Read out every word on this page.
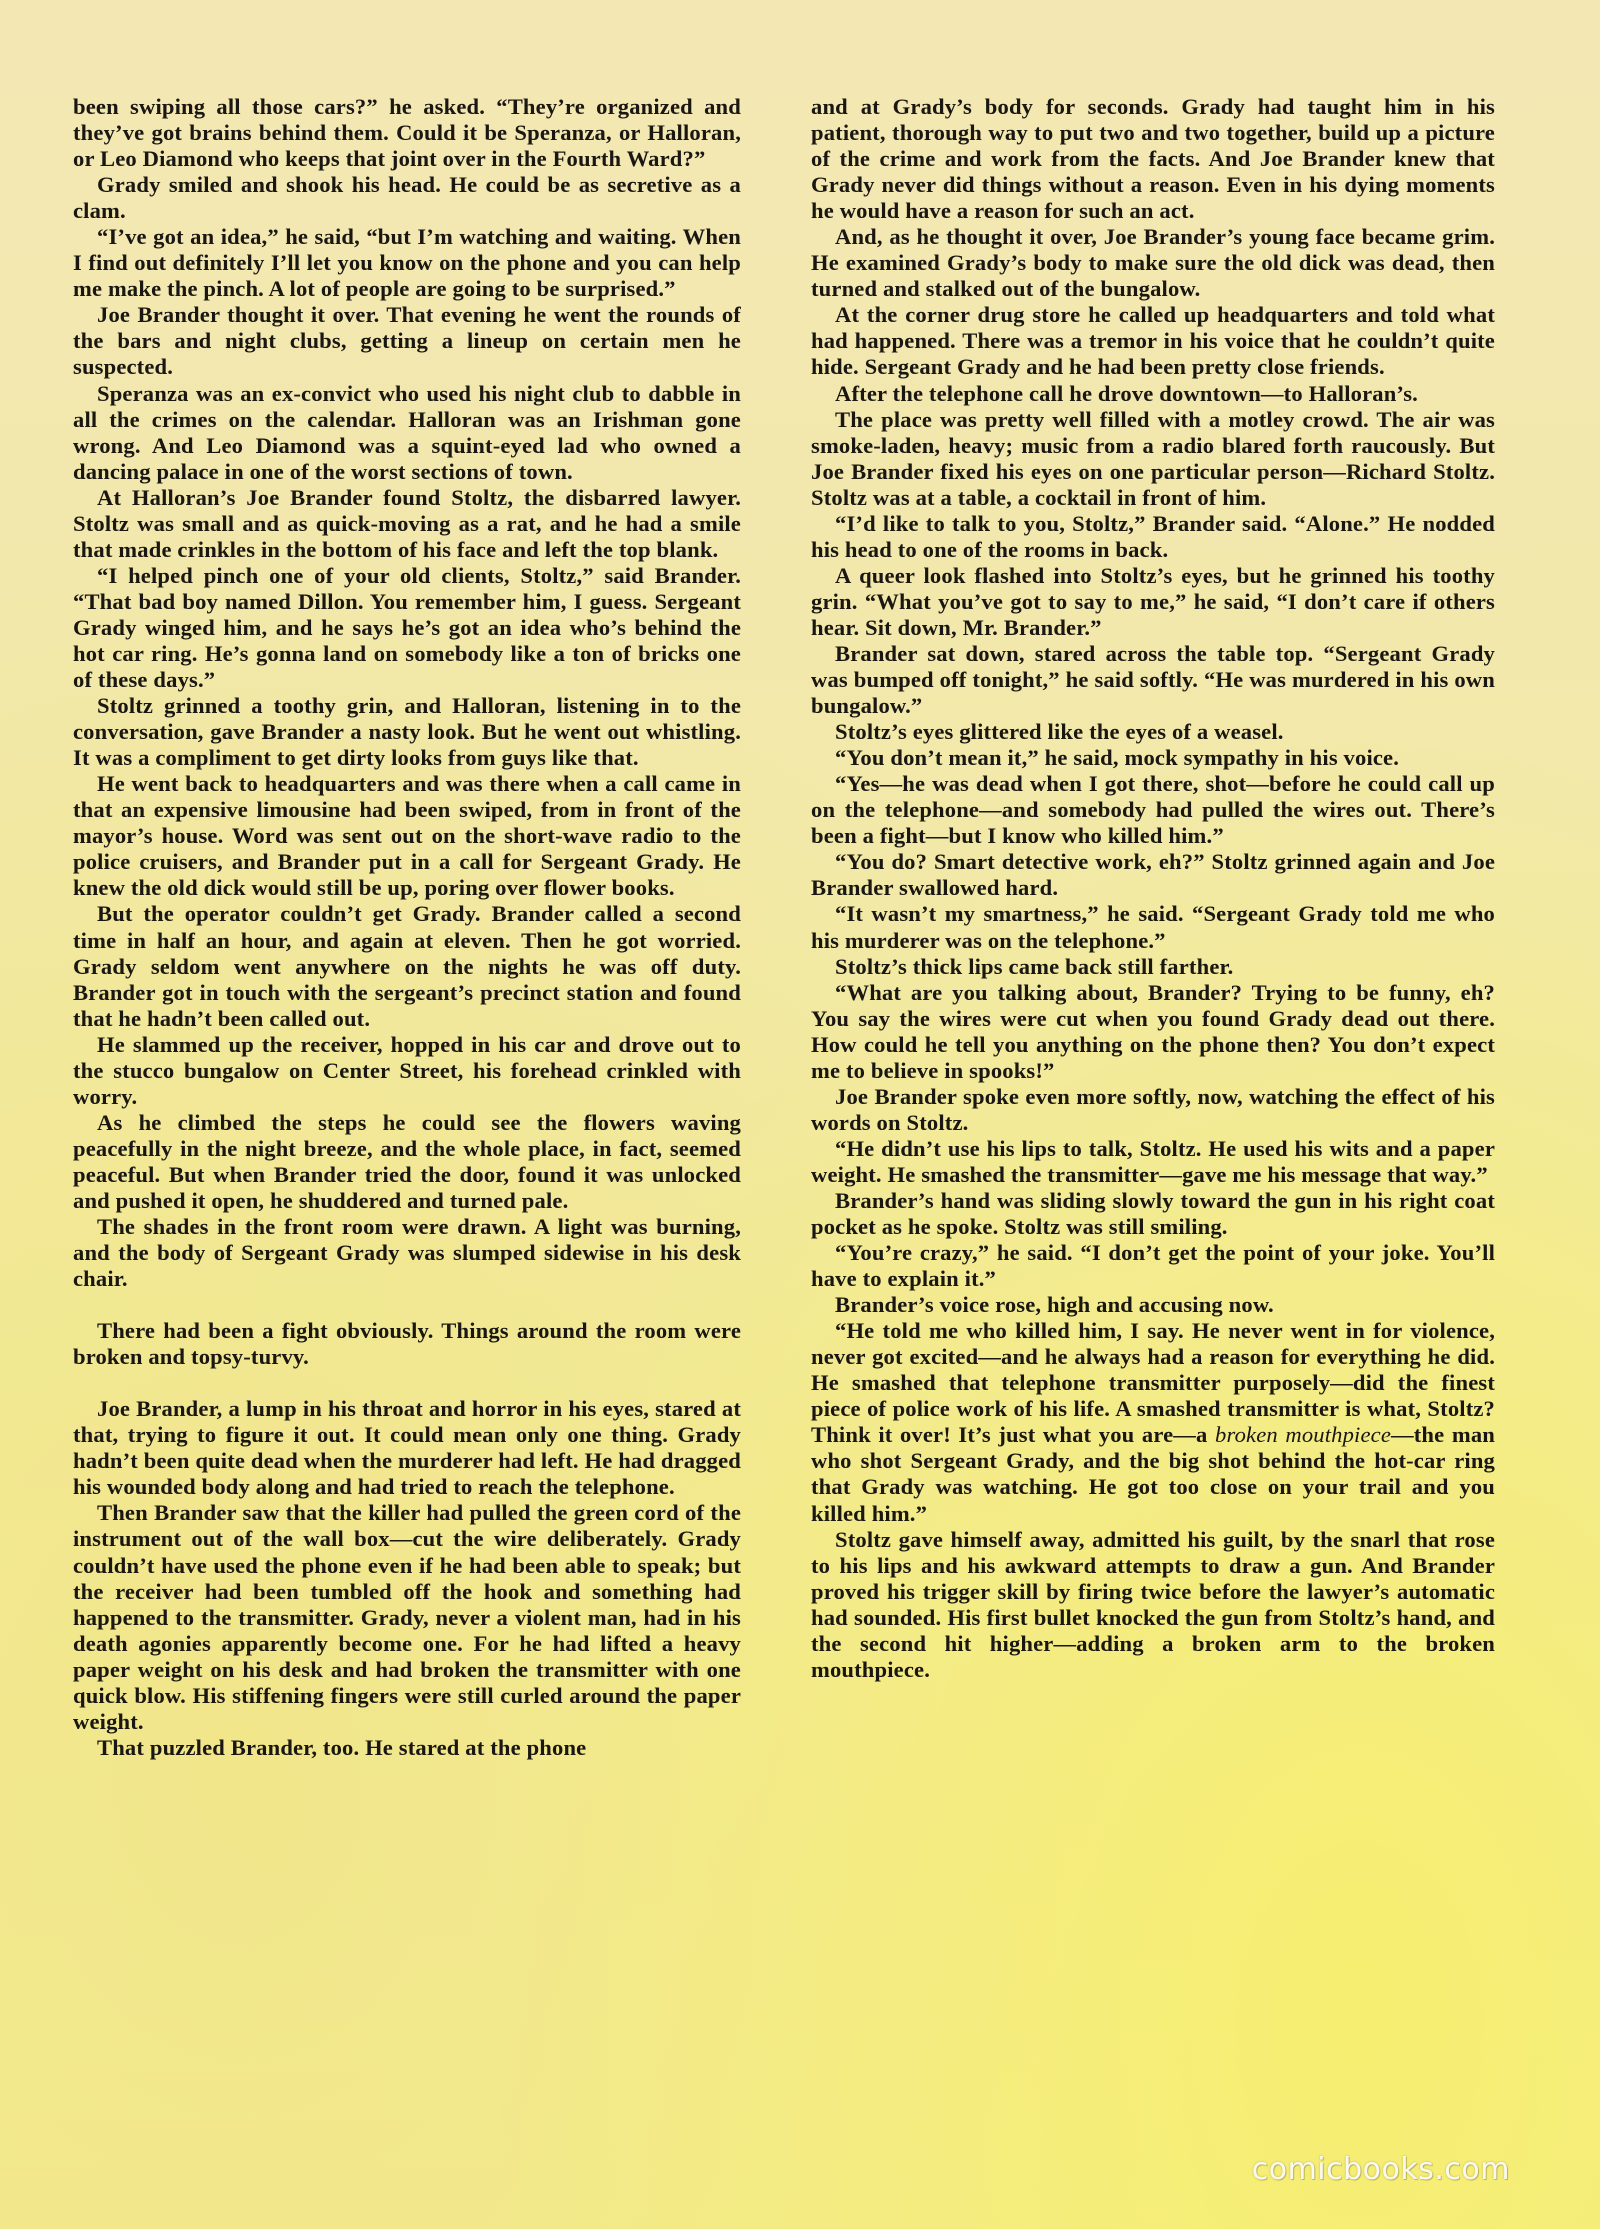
been swiping all those cars?” he asked. “They’re organized and they’ve got brains behind them. Could it be Speranza, or Halloran, or Leo Diamond who keeps that joint over in the Fourth Ward?”

Grady smiled and shook his head. He could be as secretive as a clam.

“I’ve got an idea,” he said, “but I’m watching and waiting. When I find out definitely I’ll let you know on the phone and you can help me make the pinch. A lot of people are going to be surprised.”

Joe Brander thought it over. That evening he went the rounds of the bars and night clubs, getting a lineup on certain men he suspected.

Speranza was an ex-convict who used his night club to dabble in all the crimes on the calendar. Halloran was an Irishman gone wrong. And Leo Diamond was a squint-eyed lad who owned a dancing palace in one of the worst sections of town.

At Halloran’s Joe Brander found Stoltz, the disbarred lawyer. Stoltz was small and as quick-moving as a rat, and he had a smile that made crinkles in the bottom of his face and left the top blank.

“I helped pinch one of your old clients, Stoltz,” said Brander. “That bad boy named Dillon. You remember him, I guess. Sergeant Grady winged him, and he says he’s got an idea who’s behind the hot car ring. He’s gonna land on somebody like a ton of bricks one of these days.”

Stoltz grinned a toothy grin, and Halloran, listening in to the conversation, gave Brander a nasty look. But he went out whistling. It was a compliment to get dirty looks from guys like that.

He went back to headquarters and was there when a call came in that an expensive limousine had been swiped, from in front of the mayor’s house. Word was sent out on the short-wave radio to the police cruisers, and Brander put in a call for Sergeant Grady. He knew the old dick would still be up, poring over flower books.

But the operator couldn’t get Grady. Brander called a second time in half an hour, and again at eleven. Then he got worried. Grady seldom went anywhere on the nights he was off duty. Brander got in touch with the sergeant’s precinct station and found that he hadn’t been called out.

He slammed up the receiver, hopped in his car and drove out to the stucco bungalow on Center Street, his forehead crinkled with worry.

As he climbed the steps he could see the flowers waving peacefully in the night breeze, and the whole place, in fact, seemed peaceful. But when Brander tried the door, found it was unlocked and pushed it open, he shuddered and turned pale.

The shades in the front room were drawn. A light was burning, and the body of Sergeant Grady was slumped sidewise in his desk chair.

There had been a fight obviously. Things around the room were broken and topsy-turvy.

Joe Brander, a lump in his throat and horror in his eyes, stared at that, trying to figure it out. It could mean only one thing. Grady hadn’t been quite dead when the murderer had left. He had dragged his wounded body along and had tried to reach the telephone.

Then Brander saw that the killer had pulled the green cord of the instrument out of the wall box—cut the wire deliberately. Grady couldn’t have used the phone even if he had been able to speak; but the receiver had been tumbled off the hook and something had happened to the transmitter. Grady, never a violent man, had in his death agonies apparently become one. For he had lifted a heavy paper weight on his desk and had broken the transmitter with one quick blow. His stiffening fingers were still curled around the paper weight.

That puzzled Brander, too. He stared at the phone

and at Grady’s body for seconds. Grady had taught him in his patient, thorough way to put two and two together, build up a picture of the crime and work from the facts. And Joe Brander knew that Grady never did things without a reason. Even in his dying moments he would have a reason for such an act.

And, as he thought it over, Joe Brander’s young face became grim. He examined Grady’s body to make sure the old dick was dead, then turned and stalked out of the bungalow.

At the corner drug store he called up headquarters and told what had happened. There was a tremor in his voice that he couldn’t quite hide. Sergeant Grady and he had been pretty close friends.

After the telephone call he drove downtown—to Halloran’s.

The place was pretty well filled with a motley crowd. The air was smoke-laden, heavy; music from a radio blared forth raucously. But Joe Brander fixed his eyes on one particular person—Richard Stoltz. Stoltz was at a table, a cocktail in front of him.

“I’d like to talk to you, Stoltz,” Brander said. “Alone.” He nodded his head to one of the rooms in back.

A queer look flashed into Stoltz’s eyes, but he grinned his toothy grin. “What you’ve got to say to me,” he said, “I don’t care if others hear. Sit down, Mr. Brander.”

Brander sat down, stared across the table top. “Sergeant Grady was bumped off tonight,” he said softly. “He was murdered in his own bungalow.”

Stoltz’s eyes glittered like the eyes of a weasel.

“You don’t mean it,” he said, mock sympathy in his voice.

“Yes—he was dead when I got there, shot—before he could call up on the telephone—and somebody had pulled the wires out. There’s been a fight—but I know who killed him.”

“You do? Smart detective work, eh?” Stoltz grinned again and Joe Brander swallowed hard.

“It wasn’t my smartness,” he said. “Sergeant Grady told me who his murderer was on the telephone.”

Stoltz’s thick lips came back still farther.

“What are you talking about, Brander? Trying to be funny, eh? You say the wires were cut when you found Grady dead out there. How could he tell you anything on the phone then? You don’t expect me to believe in spooks!”

Joe Brander spoke even more softly, now, watching the effect of his words on Stoltz.

“He didn’t use his lips to talk, Stoltz. He used his wits and a paper weight. He smashed the transmitter—gave me his message that way.”

Brander’s hand was sliding slowly toward the gun in his right coat pocket as he spoke. Stoltz was still smiling.

“You’re crazy,” he said. “I don’t get the point of your joke. You’ll have to explain it.”

Brander’s voice rose, high and accusing now.

“He told me who killed him, I say. He never went in for violence, never got excited—and he always had a reason for everything he did. He smashed that telephone transmitter purposely—did the finest piece of police work of his life. A smashed transmitter is what, Stoltz? Think it over! It’s just what you are—a broken mouthpiece—the man who shot Sergeant Grady, and the big shot behind the hot-car ring that Grady was watching. He got too close on your trail and you killed him.”

Stoltz gave himself away, admitted his guilt, by the snarl that rose to his lips and his awkward attempts to draw a gun. And Brander proved his trigger skill by firing twice before the lawyer’s automatic had sounded. His first bullet knocked the gun from Stoltz’s hand, and the second hit higher—adding a broken arm to the broken mouthpiece.

comicbooks.com
